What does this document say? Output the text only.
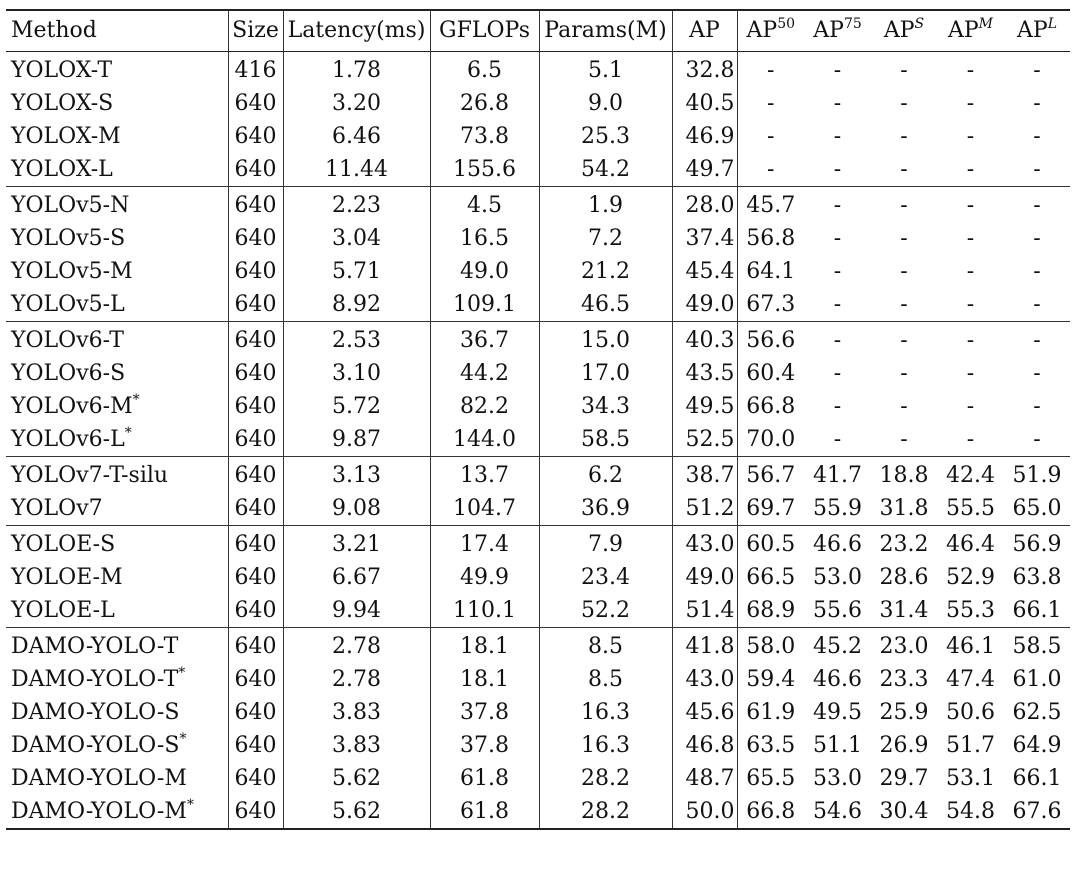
Method	Size	Latency(ms)	GFLOPs	Params(M)	AP	AP$^{50}$	AP$^{75}$	$AP^S$	$AP^M$	$AP^L$
YOLOX-T	416	1.78	6.5	5.1	32.8	-	-	-	-	-
YOLOX-S	640	3.20	26.8	9.0	40.5	-	-	-	-	-
YOLOX-M	640	6.46	73.8	25.3	46.9	-	-	-	-	-
YOLOX-L	640	11.44	155.6	54.2	49.7	-	-	-	-	-
YOLOv5-N	640	2.23	4.5	1.9	28.0	45.7	-	-	-	-
YOLOv5-S	640	3.04	16.5	7.2	37.4	56.8	-	-	-	-
YOLOv5-M	640	5.71	49.0	21.2	45.4	64.1	-	-	-	-
YOLOv5-L	640	8.92	109.1	46.5	49.0	67.3	-	-	-	-
YOLOv6-T	640	2.53	36.7	15.0	40.3	56.6	-	-	-	-
YOLOv6-S	640	3.10	44.2	17.0	43.5	60.4	-	-	-	-
YOLOv6-M*	640	5.72	82.2	34.3	49.5	66.8	-	-	-	-
YOLOv6-L*	640	9.87	144.0	58.5	52.5	70.0	-	-	-	-
YOLOv7-T-silu	640	3.13	13.7	6.2	38.7	56.7	41.7	18.8	42.4	51.9
YOLOv7	640	9.08	104.7	36.9	51.2	69.7	55.9	31.8	55.5	65.0
YOLOE-S	640	3.21	17.4	7.9	43.0	60.5	46.6	23.2	46.4	56.9
YOLOE-M	640	6.67	49.9	23.4	49.0	66.5	53.0	28.6	52.9	63.8
YOLOE-L	640	9.94	110.1	52.2	51.4	68.9	55.6	31.4	55.3	66.1
DAMO-YOLO-T	640	2.78	18.1	8.5	41.8	58.0	45.2	23.0	46.1	58.5
DAMO-YOLO-T*	640	2.78	18.1	8.5	43.0	59.4	46.6	23.3	47.4	61.0
DAMO-YOLO-S	640	3.83	37.8	16.3	45.6	61.9	49.5	25.9	50.6	62.5
DAMO-YOLO-S*	640	3.83	37.8	16.3	46.8	63.5	51.1	26.9	51.7	64.9
DAMO-YOLO-M	640	5.62	61.8	28.2	48.7	65.5	53.0	29.7	53.1	66.1
DAMO-YOLO-M*	640	5.62	61.8	28.2	50.0	66.8	54.6	30.4	54.8	67.6
